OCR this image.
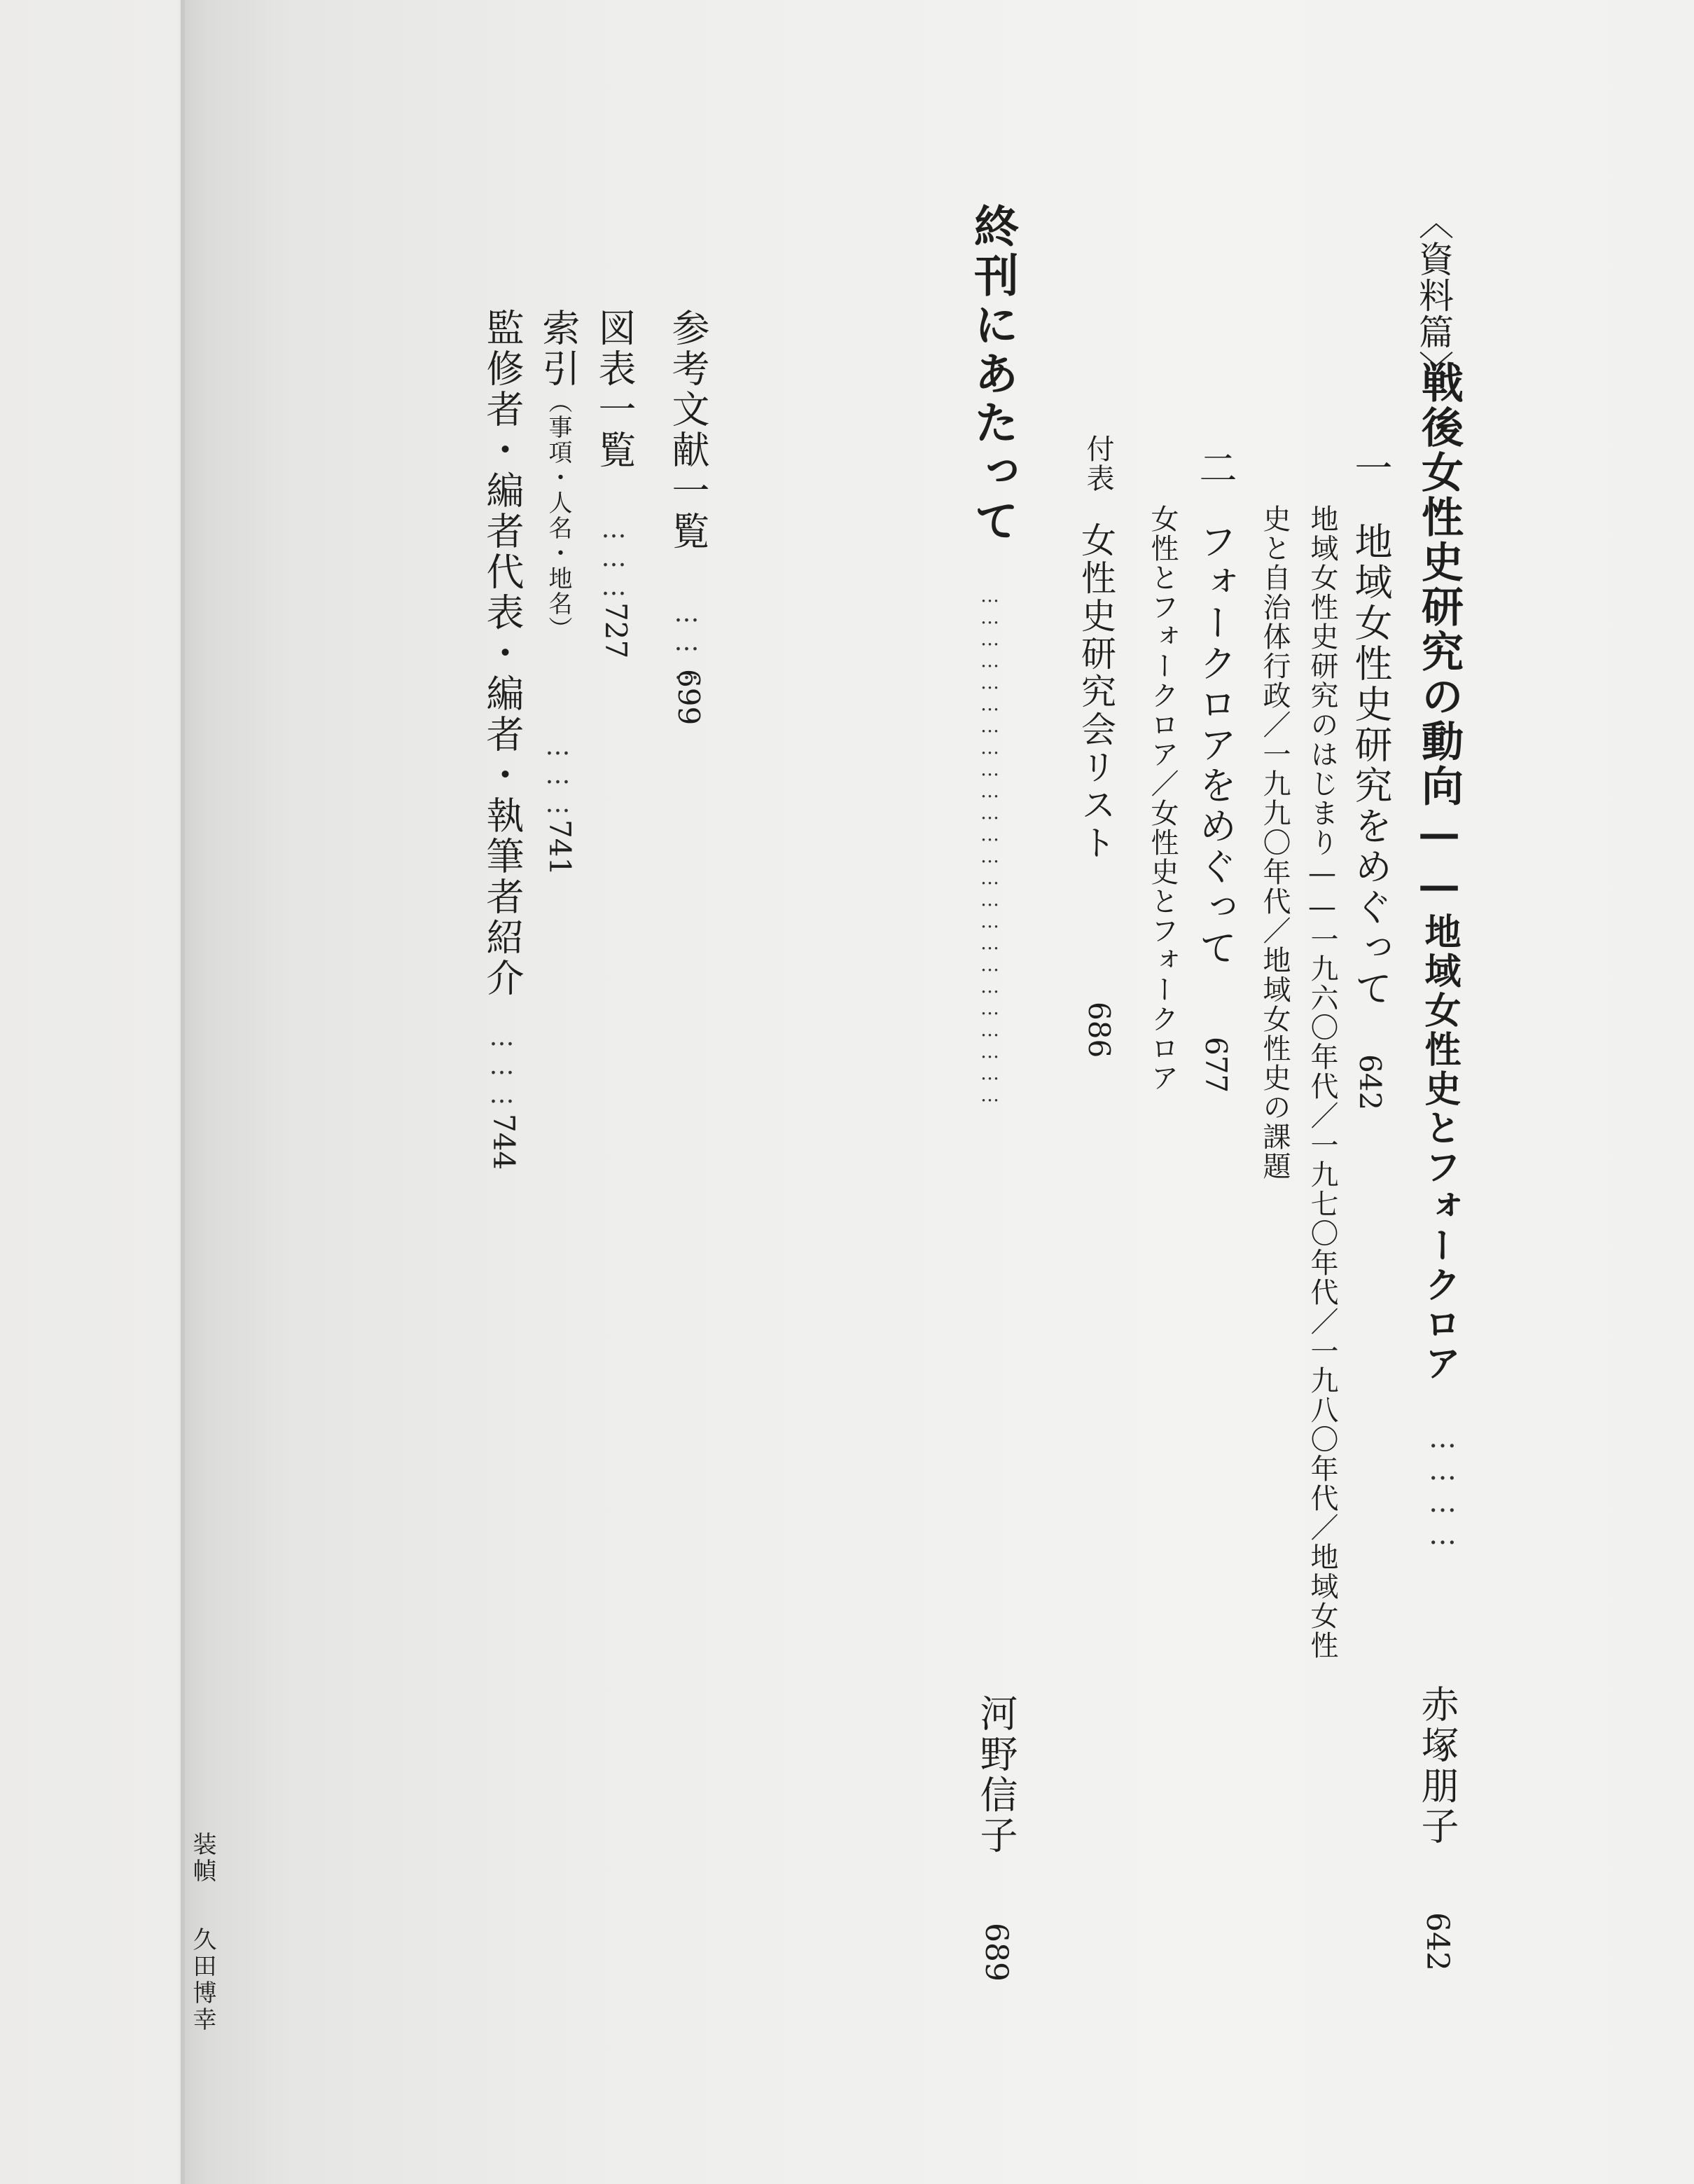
〈資料篇〉
戦後女性史研究の動向——地域女性史とフォークロア
…………
赤塚朋子
642
一
地域女性史研究をめぐって
642
地域女性史研究のはじまり——一九六〇年代／一九七〇年代／一九八〇年代／地域女性
史と自治体行政／一九九〇年代／地域女性史の課題
二
フォークロアをめぐって
677
女性とフォークロア／女性史とフォークロア
付表
女性史研究会リスト
686
終刊にあたって
………………………………………………………………
河野信子
689
参考文献一覧
………
699
図表一覧
………
727
索引（事項・人名・地名）
………
741
監修者・編者代表・編者・執筆者紹介
………
744
装幀久田博幸
